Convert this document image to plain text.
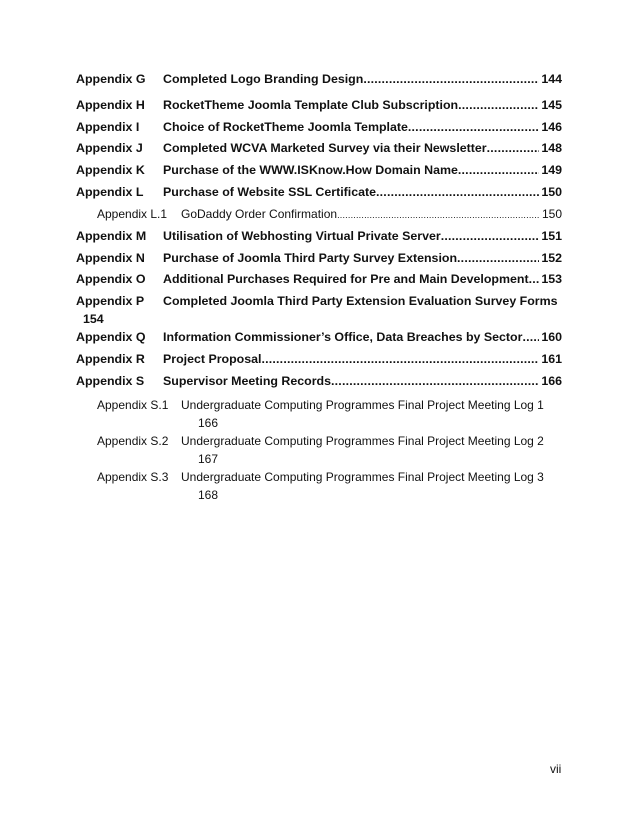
Appendix G Completed Logo Branding Design .....	144
Appendix H RocketTheme Joomla Template Club Subscription .....	145
Appendix I Choice of RocketTheme Joomla Template .....	146
Appendix J Completed WCVA Marketed Survey via their Newsletter .....	148
Appendix K Purchase of the WWW.ISKnow.How Domain Name .....	149
Appendix L Purchase of Website SSL Certificate .....	150
Appendix L.1 GoDaddy Order Confirmation .....	150
Appendix M Utilisation of Webhosting Virtual Private Server .....	151
Appendix N Purchase of Joomla Third Party Survey Extension .....	152
Appendix O Additional Purchases Required for Pre and Main Development ..... 153
Appendix P Completed Joomla Third Party Extension Evaluation Survey Forms
154
Appendix Q Information Commissioner’s Office, Data Breaches by Sector ..... 160
Appendix R Project Proposal .....	161
Appendix S Supervisor Meeting Records .....	166
Appendix S.1 Undergraduate Computing Programmes Final Project Meeting Log 1
166
Appendix S.2 Undergraduate Computing Programmes Final Project Meeting Log 2
167
Appendix S.3 Undergraduate Computing Programmes Final Project Meeting Log 3
168
vii
